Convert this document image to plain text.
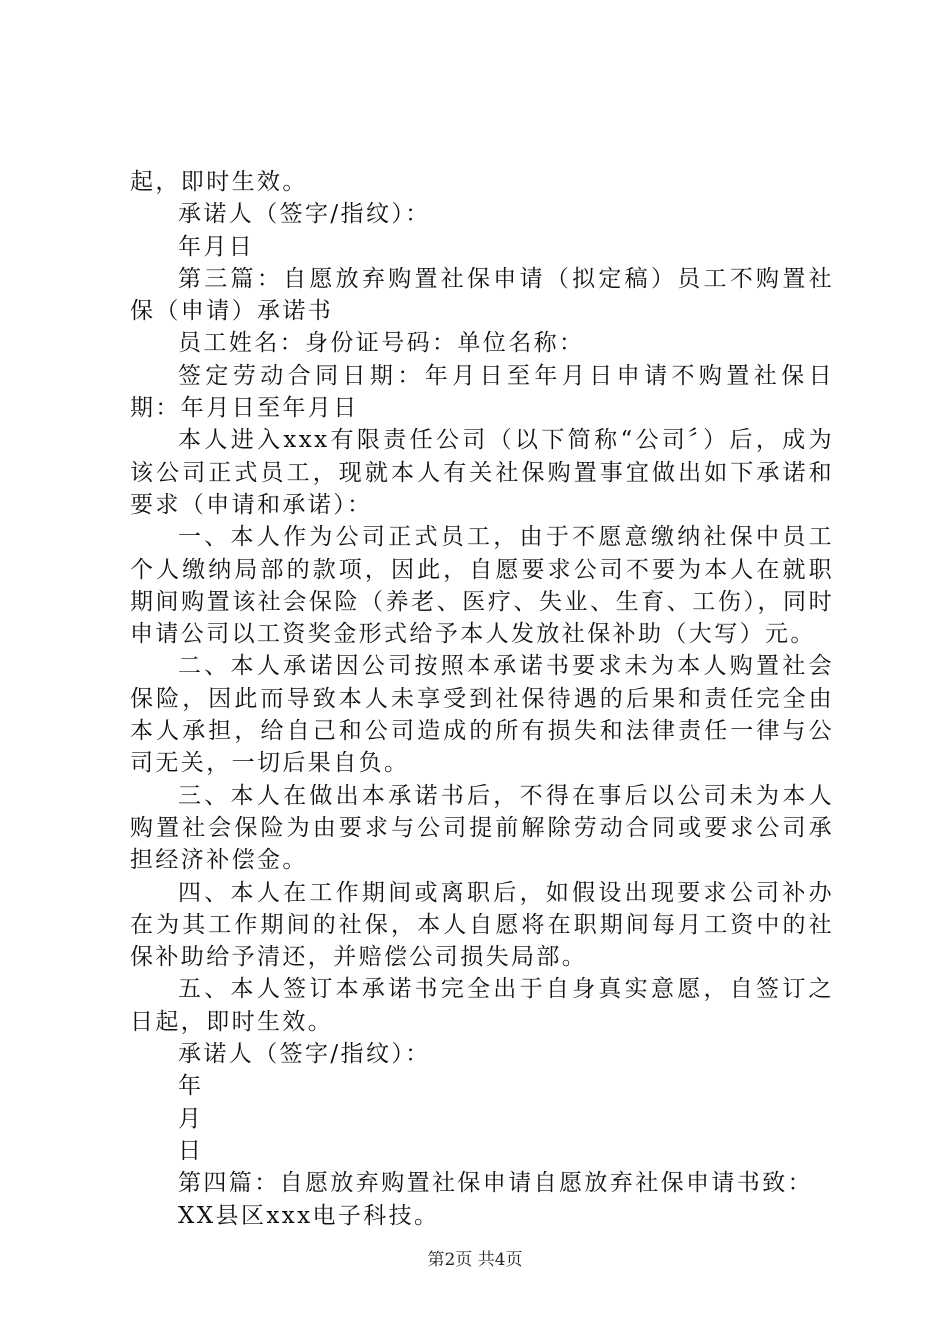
起，即时生效。

承诺人（签字/指纹）：

年月日

第三篇：自愿放弃购置社保申请（拟定稿）员工不购置社保（申请）承诺书

员工姓名：身份证号码：单位名称：

签定劳动合同日期：年月日至年月日申请不购置社保日期：年月日至年月日

本人进入xxx有限责任公司（以下简称“公司〞）后，成为该公司正式员工，现就本人有关社保购置事宜做出如下承诺和要求（申请和承诺）：

一、本人作为公司正式员工，由于不愿意缴纳社保中员工个人缴纳局部的款项，因此，自愿要求公司不要为本人在就职期间购置该社会保险（养老、医疗、失业、生育、工伤），同时申请公司以工资奖金形式给予本人发放社保补助（大写）元。

二、本人承诺因公司按照本承诺书要求未为本人购置社会保险，因此而导致本人未享受到社保待遇的后果和责任完全由本人承担，给自己和公司造成的所有损失和法律责任一律与公司无关，一切后果自负。

三、本人在做出本承诺书后，不得在事后以公司未为本人购置社会保险为由要求与公司提前解除劳动合同或要求公司承担经济补偿金。

四、本人在工作期间或离职后，如假设出现要求公司补办在为其工作期间的社保，本人自愿将在职期间每月工资中的社保补助给予清还，并赔偿公司损失局部。

五、本人签订本承诺书完全出于自身真实意愿，自签订之日起，即时生效。

承诺人（签字/指纹）：

年

月

日

第四篇：自愿放弃购置社保申请自愿放弃社保申请书致：

XX县区xxx电子科技。

第2页 共4页
